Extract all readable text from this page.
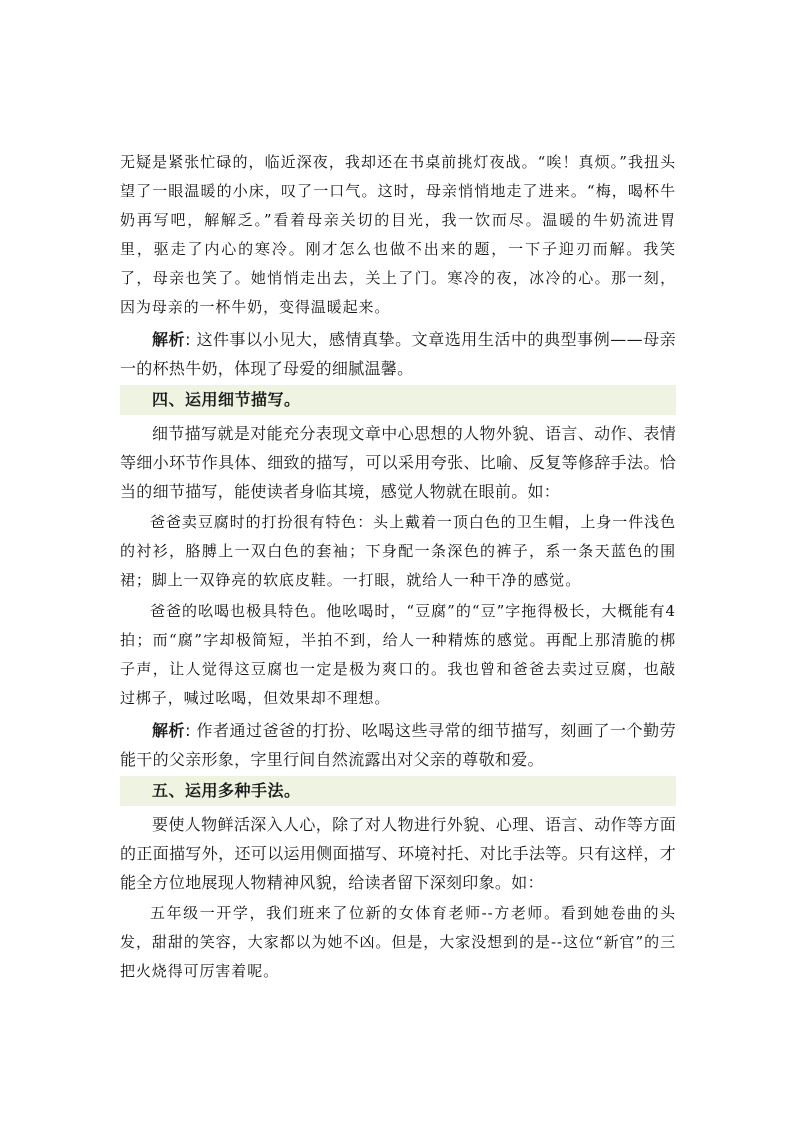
无疑是紧张忙碌的，临近深夜，我却还在书桌前挑灯夜战。“唉！真烦。”我扭头望了一眼温暖的小床，叹了一口气。这时，母亲悄悄地走了进来。“梅，喝杯牛奶再写吧，解解乏。”看着母亲关切的目光，我一饮而尽。温暖的牛奶流进胃里，驱走了内心的寒冷。刚才怎么也做不出来的题，一下子迎刃而解。我笑了，母亲也笑了。她悄悄走出去，关上了门。寒冷的夜，冰冷的心。那一刻，因为母亲的一杯牛奶，变得温暖起来。

解析: 这件事以小见大，感情真挚。文章选用生活中的典型事例——母亲一的杯热牛奶，体现了母爱的细腻温馨。

四、运用细节描写。

细节描写就是对能充分表现文章中心思想的人物外貌、语言、动作、表情等细小环节作具体、细致的描写，可以采用夸张、比喻、反复等修辞手法。恰当的细节描写，能使读者身临其境，感觉人物就在眼前。如：

爸爸卖豆腐时的打扮很有特色：头上戴着一顶白色的卫生帽，上身一件浅色的衬衫，胳膊上一双白色的套袖；下身配一条深色的裤子，系一条天蓝色的围裙；脚上一双铮亮的软底皮鞋。一打眼，就给人一种干净的感觉。

爸爸的吆喝也极具特色。他吆喝时，“豆腐”的“豆”字拖得极长，大概能有4拍；而“腐”字却极简短，半拍不到，给人一种精炼的感觉。再配上那清脆的梆子声，让人觉得这豆腐也一定是极为爽口的。我也曾和爸爸去卖过豆腐，也敲过梆子，喊过吆喝，但效果却不理想。

解析: 作者通过爸爸的打扮、吆喝这些寻常的细节描写，刻画了一个勤劳能干的父亲形象，字里行间自然流露出对父亲的尊敬和爱。

五、运用多种手法。

要使人物鲜活深入人心，除了对人物进行外貌、心理、语言、动作等方面的正面描写外，还可以运用侧面描写、环境衬托、对比手法等。只有这样，才能全方位地展现人物精神风貌，给读者留下深刻印象。如：

五年级一开学，我们班来了位新的女体育老师--方老师。看到她卷曲的头发，甜甜的笑容，大家都以为她不凶。但是，大家没想到的是--这位“新官”的三把火烧得可厉害着呢。
